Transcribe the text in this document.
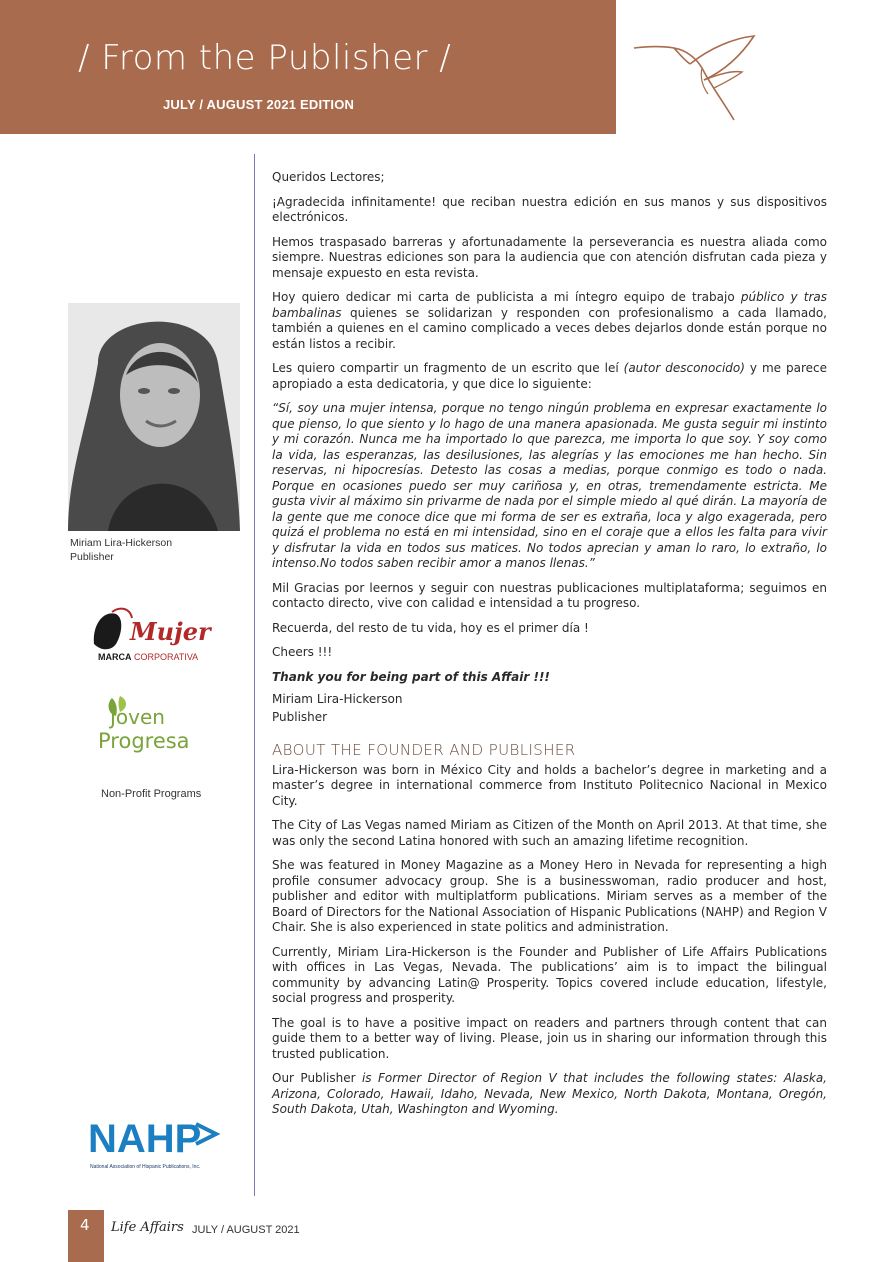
/ From the Publisher /
JULY / AUGUST 2021 EDITION
Miriam Lira-Hickerson
Publisher
Mujer
MARCA CORPORATIVA
Joven
Progresa
Non-Profit Programs
NAHP
National Association of Hispanic Publications, Inc.

Queridos Lectores;

¡Agradecida infinitamente! que reciban nuestra edición en sus manos y sus dispositivos electrónicos.

Hemos traspasado barreras y afortunadamente la perseverancia es nuestra aliada como siempre. Nuestras ediciones son para la audiencia que con atención disfrutan cada pieza y mensaje expuesto en esta revista.

Hoy quiero dedicar mi carta de publicista a mi íntegro equipo de trabajo público y tras bambalinas quienes se solidarizan y responden con profesionalismo a cada llamado, también a quienes en el camino complicado a veces debes dejarlos donde están porque no están listos a recibir.

Les quiero compartir un fragmento de un escrito que leí (autor desconocido) y me parece apropiado a esta dedicatoria, y que dice lo siguiente:

“Sí, soy una mujer intensa, porque no tengo ningún problema en expresar exactamente lo que pienso, lo que siento y lo hago de una manera apasionada. Me gusta seguir mi instinto y mi corazón. Nunca me ha importado lo que parezca, me importa lo que soy. Y soy como la vida, las esperanzas, las desilusiones, las alegrías y las emociones me han hecho. Sin reservas, ni hipocresías. Detesto las cosas a medias, porque conmigo es todo o nada. Porque en ocasiones puedo ser muy cariñosa y, en otras, tremendamente estricta. Me gusta vivir al máximo sin privarme de nada por el simple miedo al qué dirán. La mayoría de la gente que me conoce dice que mi forma de ser es extraña, loca y algo exagerada, pero quizá el problema no está en mi intensidad, sino en el coraje que a ellos les falta para vivir y disfrutar la vida en todos sus matices. No todos aprecian y aman lo raro, lo extraño, lo intenso.No todos saben recibir amor a manos llenas.”

Mil Gracias por leernos y seguir con nuestras publicaciones multiplataforma; seguimos en contacto directo, vive con calidad e intensidad a tu progreso.

Recuerda, del resto de tu vida, hoy es el primer día !

Cheers !!!

Thank you for being part of this Affair !!!

Miriam Lira-Hickerson

Publisher

ABOUT THE FOUNDER AND PUBLISHER

Lira-Hickerson was born in México City and holds a bachelor’s degree in marketing and a master’s degree in international commerce from Instituto Politecnico Nacional in Mexico City.

The City of Las Vegas named Miriam as Citizen of the Month on April 2013. At that time, she was only the second Latina honored with such an amazing lifetime recognition.

She was featured in Money Magazine as a Money Hero in Nevada for representing a high profile consumer advocacy group. She is a businesswoman, radio producer and host, publisher and editor with multiplatform publications. Miriam serves as a member of the Board of Directors for the National Association of Hispanic Publications (NAHP) and Region V Chair. She is also experienced in state politics and administration.

Currently, Miriam Lira-Hickerson is the Founder and Publisher of Life Affairs Publications with offices in Las Vegas, Nevada. The publications’ aim is to impact the bilingual community by advancing Latin@ Prosperity. Topics covered include education, lifestyle, social progress and prosperity.

The goal is to have a positive impact on readers and partners through content that can guide them to a better way of living. Please, join us in sharing our information through this trusted publication.

Our Publisher is Former Director of Region V that includes the following states: Alaska, Arizona, Colorado, Hawaii, Idaho, Nevada, New Mexico, North Dakota, Montana, Oregón, South Dakota, Utah, Washington and Wyoming.

4 Life Affairs JULY / AUGUST 2021
